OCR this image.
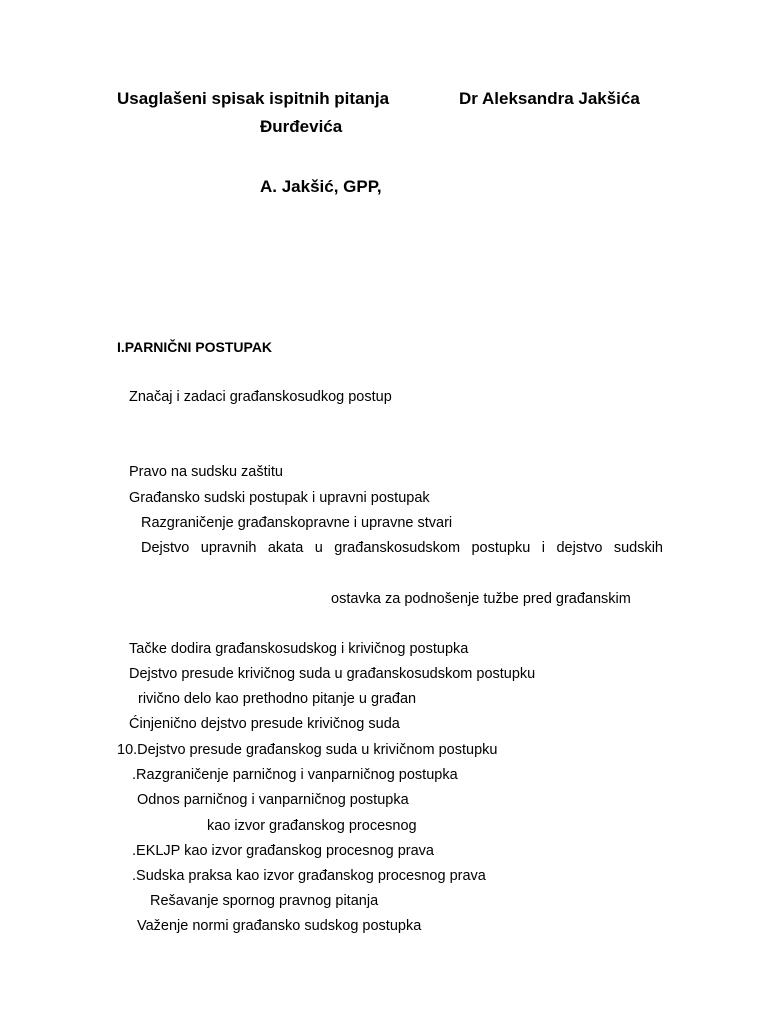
Usaglašeni spisak ispitnih pitanja	Dr Aleksandra Jakšića
Đurđevića
A. Jakšić, GPP,
I.PARNIČNI POSTUPAK
Značaj i zadaci građanskosudkog postup
Pravo na sudsku zaštitu
Građansko sudski postupak i upravni postupak
Razgraničenje građanskopravne i upravne stvari
Dejstvo upravnih akata u građanskosudskom postupku i dejstvo sudskih
ostavka za podnošenje tužbe pred građanskim
Tačke dodira građanskosudskog i krivičnog postupka
Dejstvo presude krivičnog suda u građanskosudskom postupku
rivično delo kao prethodno pitanje u građan
Ćinjenično dejstvo presude krivičnog suda
10.Dejstvo presude građanskog suda u krivičnom postupku
.Razgraničenje parničnog i vanparničnog postupka
Odnos parničnog i vanparničnog postupka
kao izvor građanskog procesnog
.EKLJP kao izvor građanskog procesnog prava
.Sudska praksa kao izvor građanskog procesnog prava
Rešavanje spornog pravnog pitanja
Važenje normi građansko sudskog postupka
